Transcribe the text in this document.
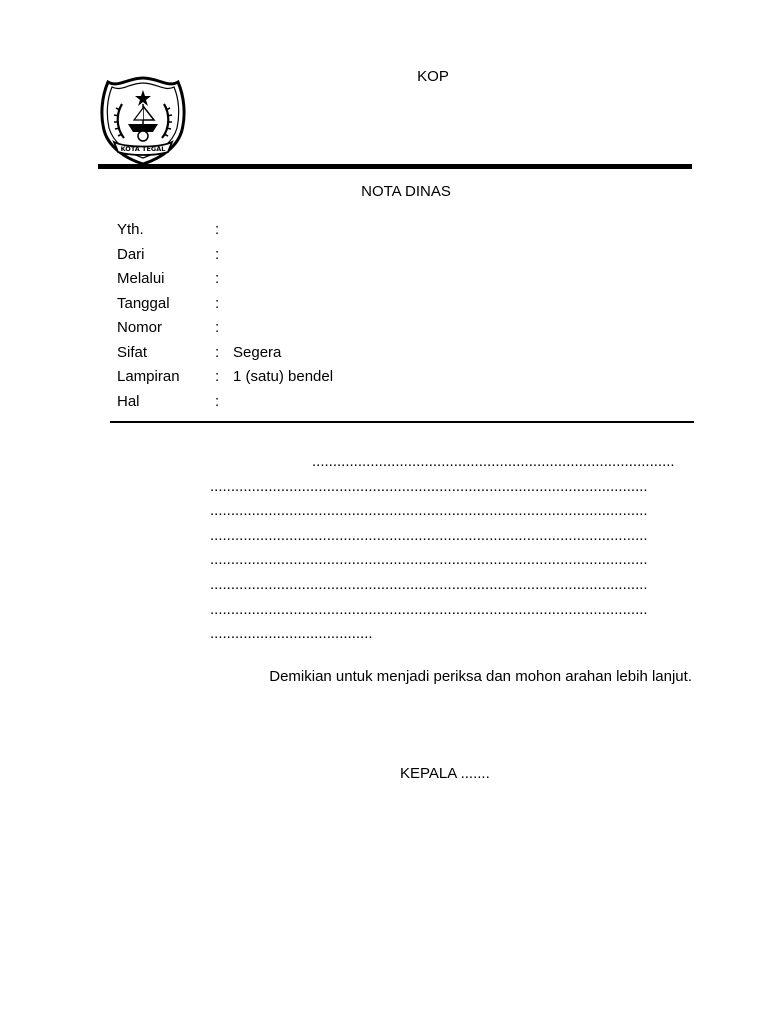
KOP
KOTA TEGAL
NOTA DINAS
Yth.	:
Dari	:
Melalui	:
Tanggal	:
Nomor	:
Sifat	: Segera
Lampiran : 1 (satu) bendel
Hal	:
.......................................................................................
.........................................................................................................
.........................................................................................................
.........................................................................................................
.........................................................................................................
.........................................................................................................
.........................................................................................................
.......................................
Demikian untuk menjadi periksa dan mohon arahan lebih lanjut.
KEPALA .......
